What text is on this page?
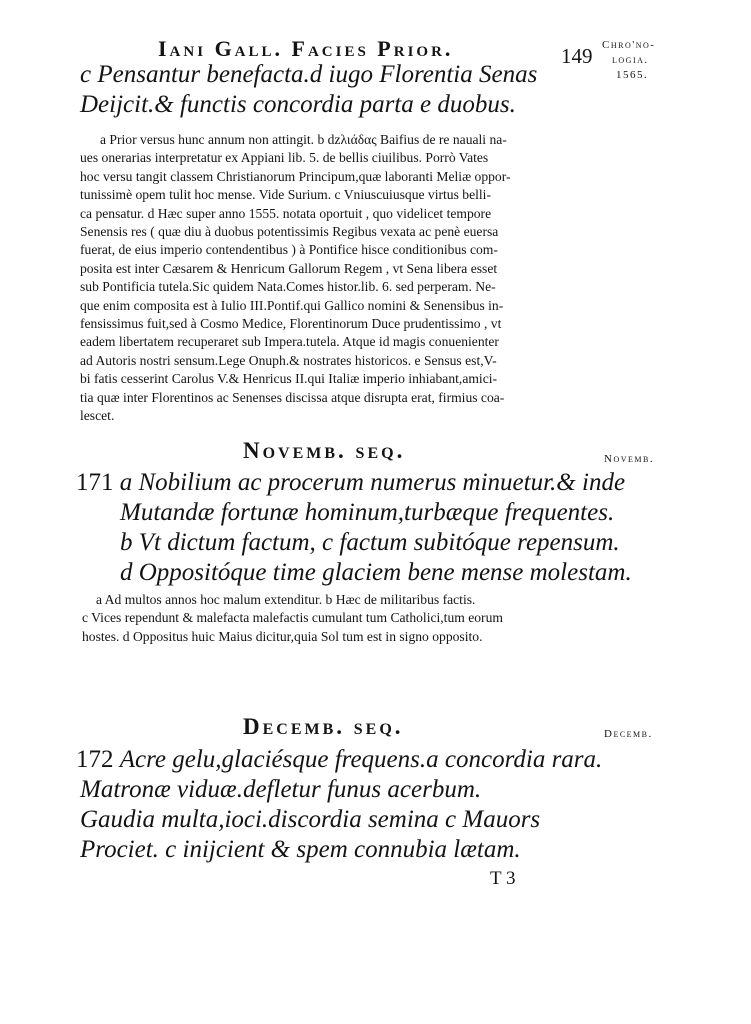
Iani Gall. Facies Prior.	149 Chro'no-
logia.
1565.
c Pensantur benefacta.d iugo Florentia Senas
Deijcit.& functis concordia parta e duobus.
a Prior versus hunc annum non attingit. b ǳλιάδας Baifius de re nauali na-
ues onerarias interpretatur ex Appiani lib. 5. de bellis ciuilibus. Porrò Vates
hoc versu tangit classem Christianorum Principum,quæ laboranti Meliæ oppor-
tunissimè opem tulit hoc mense. Vide Surium. c Vniuscuiusque virtus belli-
ca pensatur. d Hæc super anno 1555. notata oportuit , quo videlicet tempore
Senensis res ( quæ diu à duobus potentissimis Regibus vexata ac penè euersa
fuerat, de eius imperio contendentibus ) à Pontifice hisce conditionibus com-
posita est inter Cæsarem & Henricum Gallorum Regem , vt Sena libera esset
sub Pontificia tutela.Sic quidem Nata.Comes histor.lib. 6. sed perperam. Ne-
que enim composita est à Iulio III.Pontif.qui Gallico nomini & Senensibus in-
fensissimus fuit,sed à Cosmo Medice, Florentinorum Duce prudentissimo , vt
eadem libertatem recuperaret sub Impera.tutela. Atque id magis conuenienter
ad Autoris nostri sensum.Lege Onuph.& nostrates historicos. e Sensus est,V-
bi fatis cesserint Carolus V.& Henricus II.qui Italiæ imperio inhiabant,amici-
tia quæ inter Florentinos ac Senenses discissa atque disrupta erat, firmius coa-
lescet.
Novemb. seq.	Novemb.
171 a Nobilium ac procerum numerus minuetur.& inde
Mutandæ fortunæ hominum,turbæque frequentes.
b Vt dictum factum, c factum subitóque repensum.
d Oppositóque time glaciem bene mense molestam.
a Ad multos annos hoc malum extenditur. b Hæc de militaribus factis.
c Vices rependunt & malefacta malefactis cumulant tum Catholici,tum eorum
hostes. d Oppositus huic Maius dicitur,quia Sol tum est in signo opposito.
Decemb. seq.	Decemb.
172 Acre gelu,glaciésque frequens.a concordia rara.
Matronæ viduæ.defletur funus acerbum.
Gaudia multa,ioci.discordia semina c Mauors
Prociet. c inijcient & spem connubia lætam.
T 3
